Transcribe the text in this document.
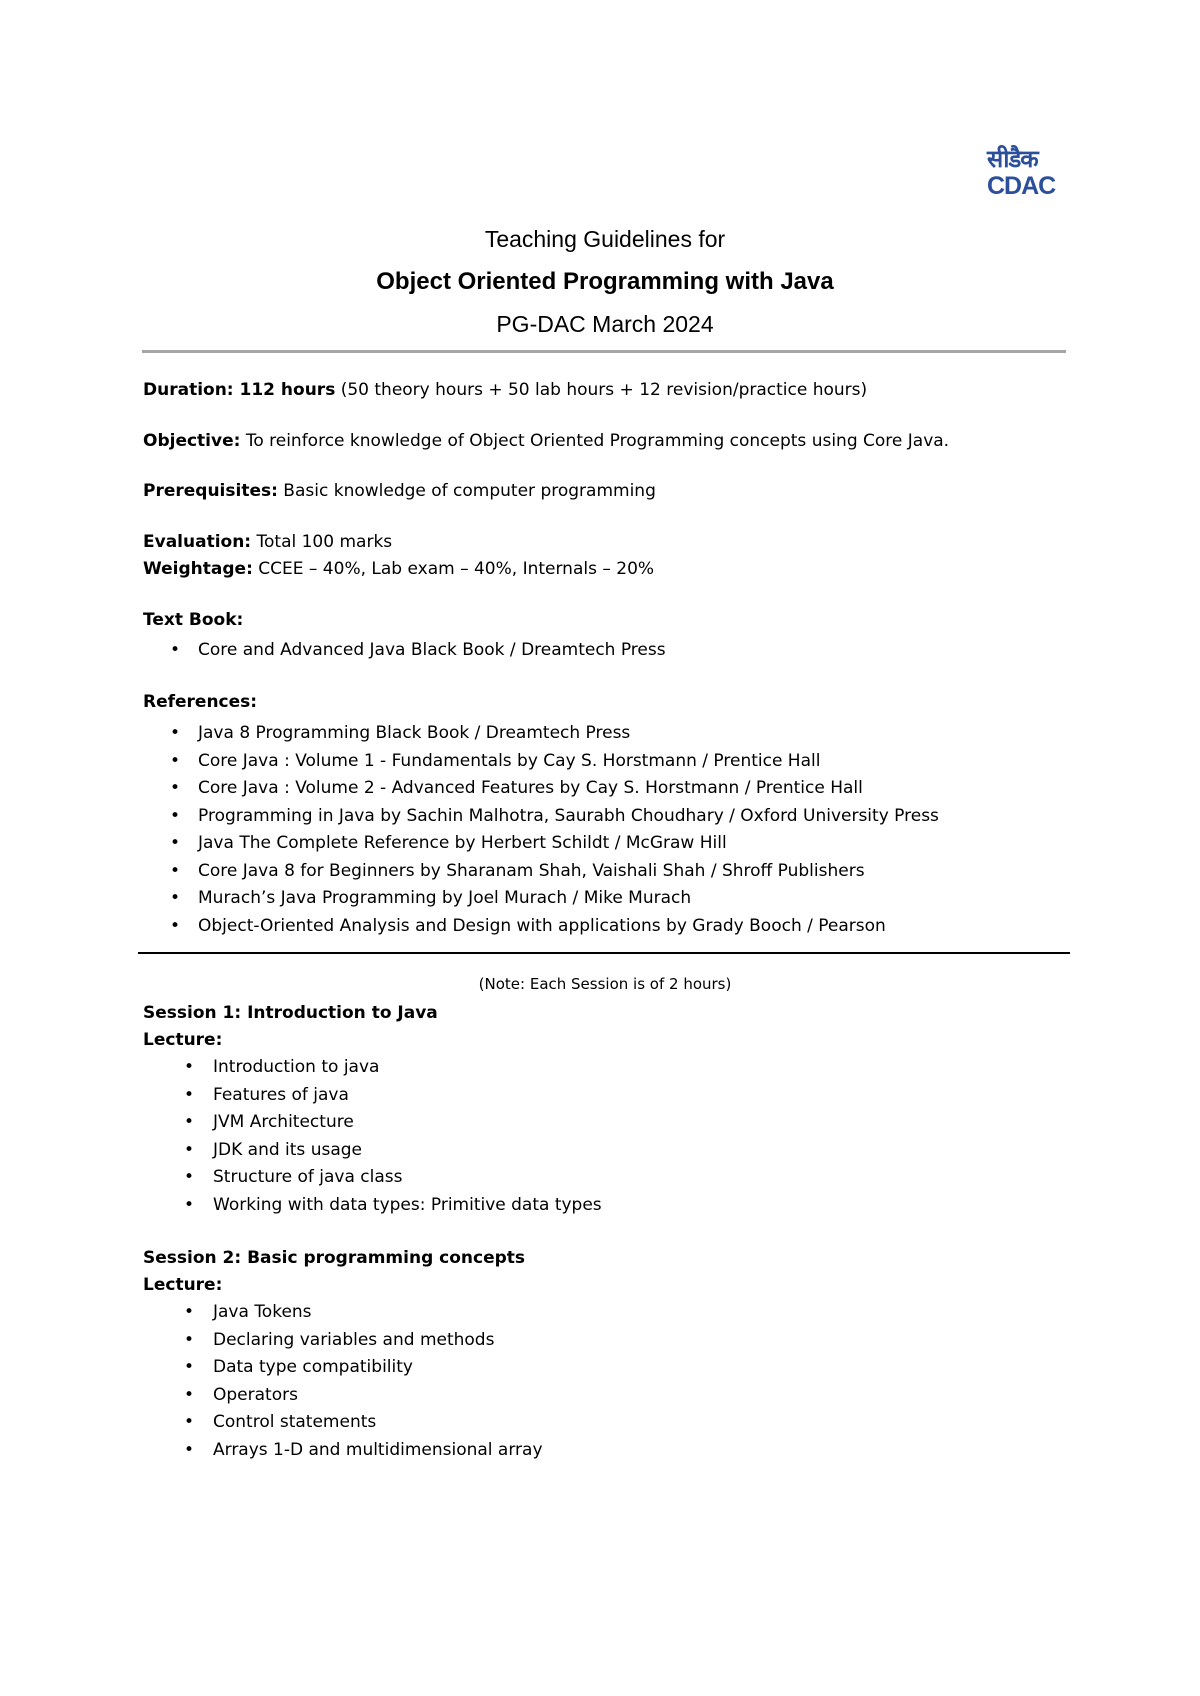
सीडैक
CDAC
Teaching Guidelines for
Object Oriented Programming with Java
PG-DAC March 2024
Duration: 112 hours (50 theory hours + 50 lab hours + 12 revision/practice hours)
Objective: To reinforce knowledge of Object Oriented Programming concepts using Core Java.
Prerequisites: Basic knowledge of computer programming
Evaluation: Total 100 marks
Weightage: CCEE – 40%, Lab exam – 40%, Internals – 20%
Text Book:
• Core and Advanced Java Black Book / Dreamtech Press
References:
• Java 8 Programming Black Book / Dreamtech Press
• Core Java : Volume 1 - Fundamentals by Cay S. Horstmann / Prentice Hall
• Core Java : Volume 2 - Advanced Features by Cay S. Horstmann / Prentice Hall
• Programming in Java by Sachin Malhotra, Saurabh Choudhary / Oxford University Press
• Java The Complete Reference by Herbert Schildt / McGraw Hill
• Core Java 8 for Beginners by Sharanam Shah, Vaishali Shah / Shroff Publishers
• Murach’s Java Programming by Joel Murach / Mike Murach
• Object-Oriented Analysis and Design with applications by Grady Booch / Pearson
(Note: Each Session is of 2 hours)
Session 1: Introduction to Java
Lecture:
• Introduction to java
• Features of java
• JVM Architecture
• JDK and its usage
• Structure of java class
• Working with data types: Primitive data types
Session 2: Basic programming concepts
Lecture:
• Java Tokens
• Declaring variables and methods
• Data type compatibility
• Operators
• Control statements
• Arrays 1-D and multidimensional array
